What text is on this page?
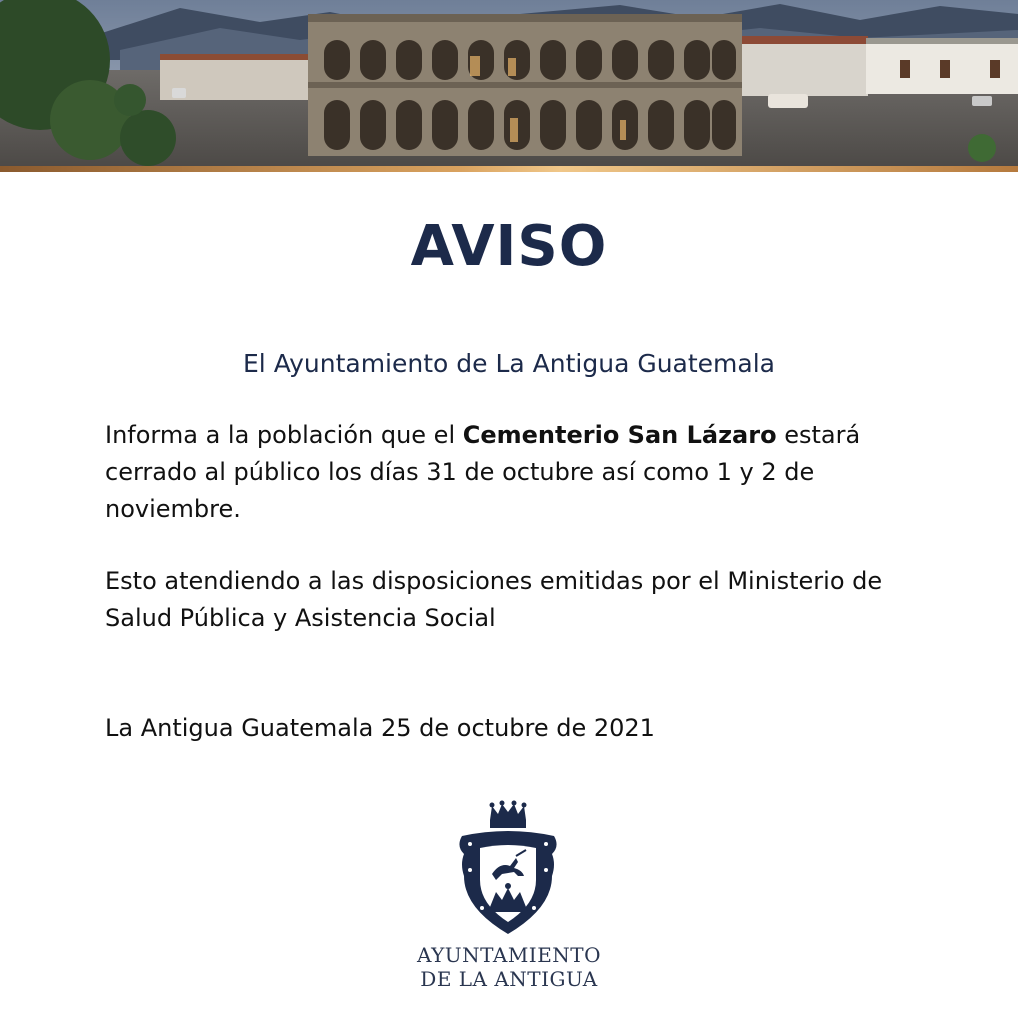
AVISO
El Ayuntamiento de La Antigua Guatemala
Informa a la población que el Cementerio San Lázaro estará cerrado al público los días 31 de octubre así como 1 y 2 de noviembre.
Esto atendiendo a las disposiciones emitidas por el Ministerio de Salud Pública y Asistencia Social
La Antigua Guatemala 25 de octubre de 2021
AYUNTAMIENTO
DE LA ANTIGUA
